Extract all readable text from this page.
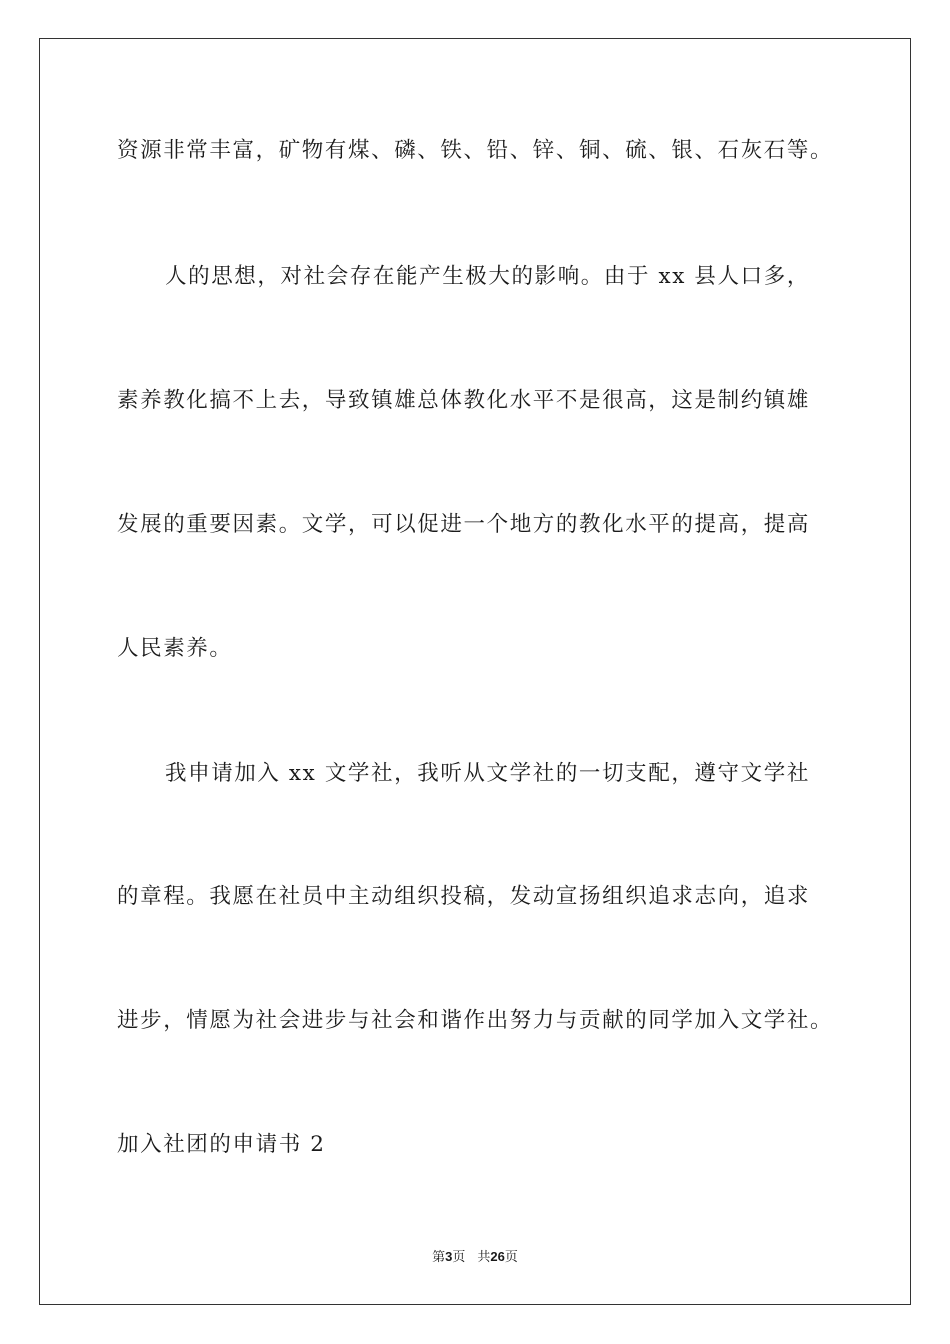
资源非常丰富，矿物有煤、磷、铁、铅、锌、铜、硫、银、石灰石等。
人的思想，对社会存在能产生极大的影响。由于 xx 县人口多，
素养教化搞不上去，导致镇雄总体教化水平不是很高，这是制约镇雄
发展的重要因素。文学，可以促进一个地方的教化水平的提高，提高
人民素养。
我申请加入 xx 文学社，我听从文学社的一切支配，遵守文学社
的章程。我愿在社员中主动组织投稿，发动宣扬组织追求志向，追求
进步，情愿为社会进步与社会和谐作出努力与贡献的同学加入文学社。
加入社团的申请书 2
第3页 共26页
